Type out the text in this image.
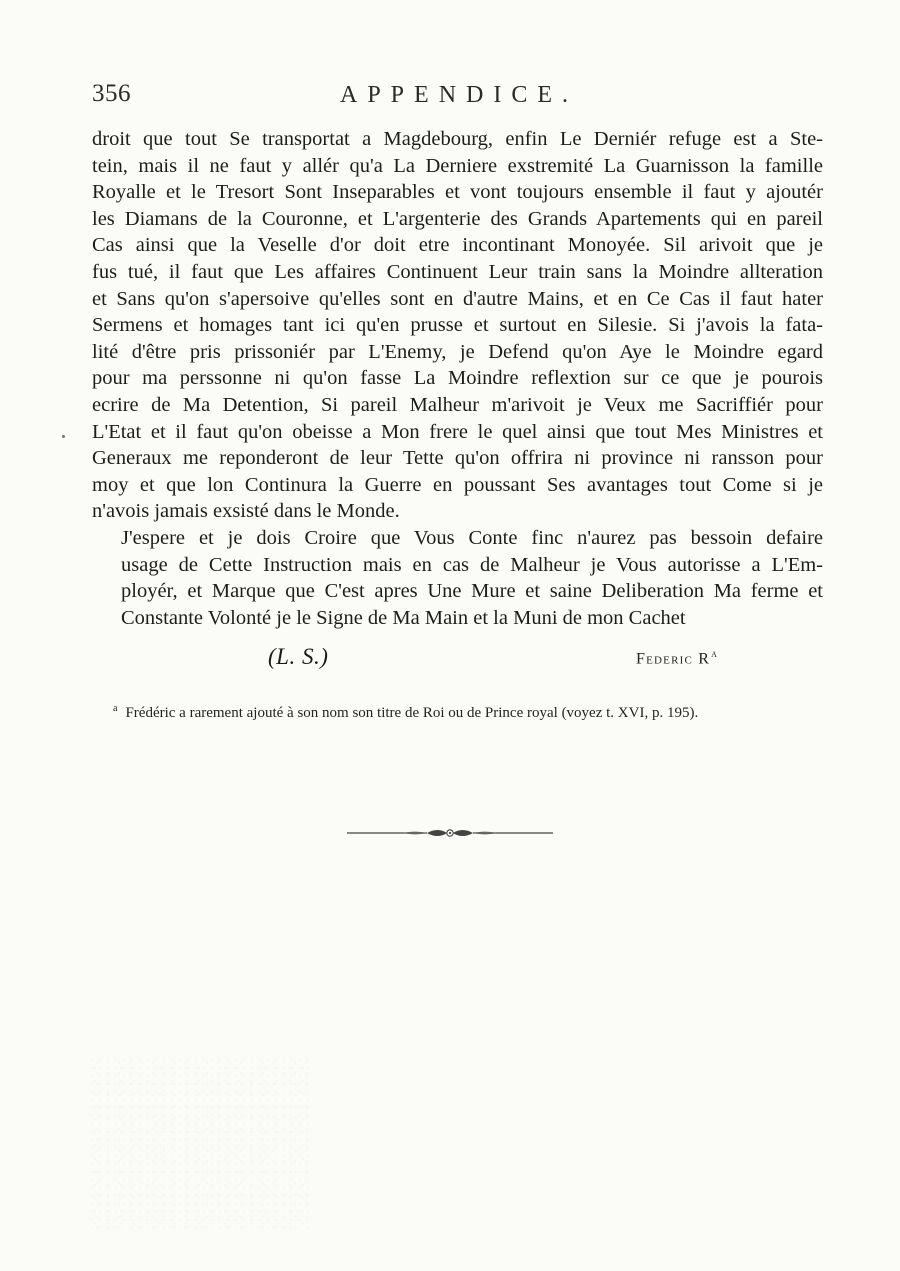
356	APPENDICE.
droit que tout Se transportat a Magdebourg, enfin Le Derniér refuge est a Ste-
tein, mais il ne faut y allér qu'a La Derniere exstremité La Guarnisson la famille
Royalle et le Tresort Sont Inseparables et vont toujours ensemble il faut y ajoutér
les Diamans de la Couronne, et L'argenterie des Grands Apartements qui en pareil
Cas ainsi que la Veselle d'or doit etre incontinant Monoyée. Sil arivoit que je
fus tué, il faut que Les affaires Continuent Leur train sans la Moindre allteration
et Sans qu'on s'apersoive qu'elles sont en d'autre Mains, et en Ce Cas il faut hater
Sermens et homages tant ici qu'en prusse et surtout en Silesie. Si j'avois la fata-
lité d'être pris prissoniér par L'Enemy, je Defend qu'on Aye le Moindre egard
pour ma perssonne ni qu'on fasse La Moindre reflextion sur ce que je pourois
ecrire de Ma Detention, Si pareil Malheur m'arivoit je Veux me Sacriffiér pour
L'Etat et il faut qu'on obeisse a Mon frere le quel ainsi que tout Mes Ministres et
Generaux me reponderont de leur Tette qu'on offrira ni province ni ransson pour
moy et que lon Continura la Guerre en poussant Ses avantages tout Come si je
n'avois jamais exsisté dans le Monde.
J'espere et je dois Croire que Vous Conte finc n'aurez pas bessoin defaire
usage de Cette Instruction mais en cas de Malheur je Vous autorisse a L'Em-
ployér, et Marque que C'est apres Une Mure et saine Deliberation Ma ferme et
Constante Volonté je le Signe de Ma Main et la Muni de mon Cachet
(L. S.)	Federic $R^a$
$^a$ Frédéric a rarement ajouté à son nom son titre de Roi ou de Prince royal (voyez t. XVI, p. 195).
